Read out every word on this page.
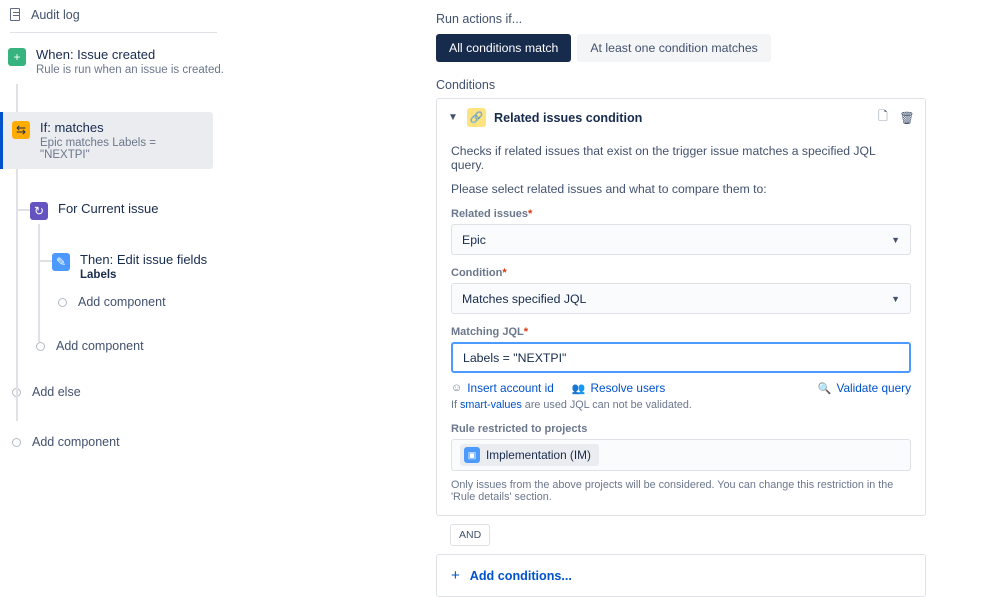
Audit log
+	When: Issue created
Rule is run when an issue is created.
⇆	If: matches
Epic matches Labels = "NEXTPI"
↻	For Current issue
✎	Then: Edit issue fields
Labels
Add component
Add component
Add else
Add component
Run actions if...
All conditions match	At least one condition matches
Conditions
▼ 🔗 Related issues condition	🗋 🗑
Checks if related issues that exist on the trigger issue matches a specified JQL query.
Please select related issues and what to compare them to:
Related issues*
Epic	▼
Condition*
Matches specified JQL	▼
Matching JQL*
Labels = "NEXTPI"
☺ Insert account id 👥 Resolve users	🔍 Validate query
If smart-values are used JQL can not be validated.
Rule restricted to projects
▣ Implementation (IM)
Only issues from the above projects will be considered. You can change this restriction in the 'Rule details' section.
AND
+ Add conditions...
